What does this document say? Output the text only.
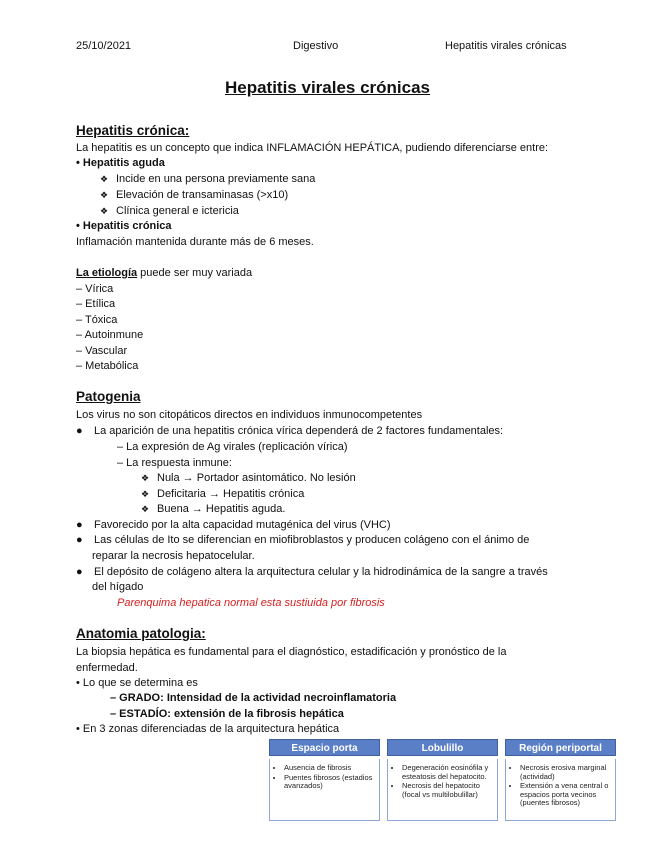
25/10/2021	Digestivo	Hepatitis virales crónicas
Hepatitis virales crónicas
Hepatitis crónica:
La hepatitis es un concepto que indica INFLAMACIÓN HEPÁTICA, pudiendo diferenciarse entre:
• Hepatitis aguda
❖ Incide en una persona previamente sana
❖ Elevación de transaminasas (>x10)
❖ Clínica general e ictericia
• Hepatitis crónica
Inflamación mantenida durante más de 6 meses.
La etiología puede ser muy variada
– Vírica
– Etílica
– Tóxica
– Autoinmune
– Vascular
– Metabólica
Patogenia
Los virus no son citopáticos directos en individuos inmunocompetentes
● La aparición de una hepatitis crónica vírica dependerá de 2 factores fundamentales:
– La expresión de Ag virales (replicación vírica)
– La respuesta inmune:
❖ Nula → Portador asintomático. No lesión
❖ Deficitaria → Hepatitis crónica
❖ Buena → Hepatitis aguda.
● Favorecido por la alta capacidad mutagénica del virus (VHC)
● Las células de Ito se diferencian en miofibroblastos y producen colágeno con el ánimo de
reparar la necrosis hepatocelular.
● El depósito de colágeno altera la arquitectura celular y la hidrodinámica de la sangre a través
del hígado
Parenquima hepatica normal esta sustiuida por fibrosis
Anatomia patologia:
La biopsia hepática es fundamental para el diagnóstico, estadificación y pronóstico de la
enfermedad.
• Lo que se determina es
– GRADO: Intensidad de la actividad necroinflamatoria
– ESTADÍO: extensión de la fibrosis hepática
• En 3 zonas diferenciadas de la arquitectura hepática
Espacio porta
• Ausencia de fibrosis
• Puentes fibrosos (estadios avanzados)
Lobulillo
• Degeneración eosinófila y esteatosis del hepatocito.
• Necrosis del hepatocito (focal vs multilobulillar)
Región periportal
• Necrosis erosiva marginal (actividad)
• Extensión a vena central o espacios porta vecinos (puentes fibrosos)
